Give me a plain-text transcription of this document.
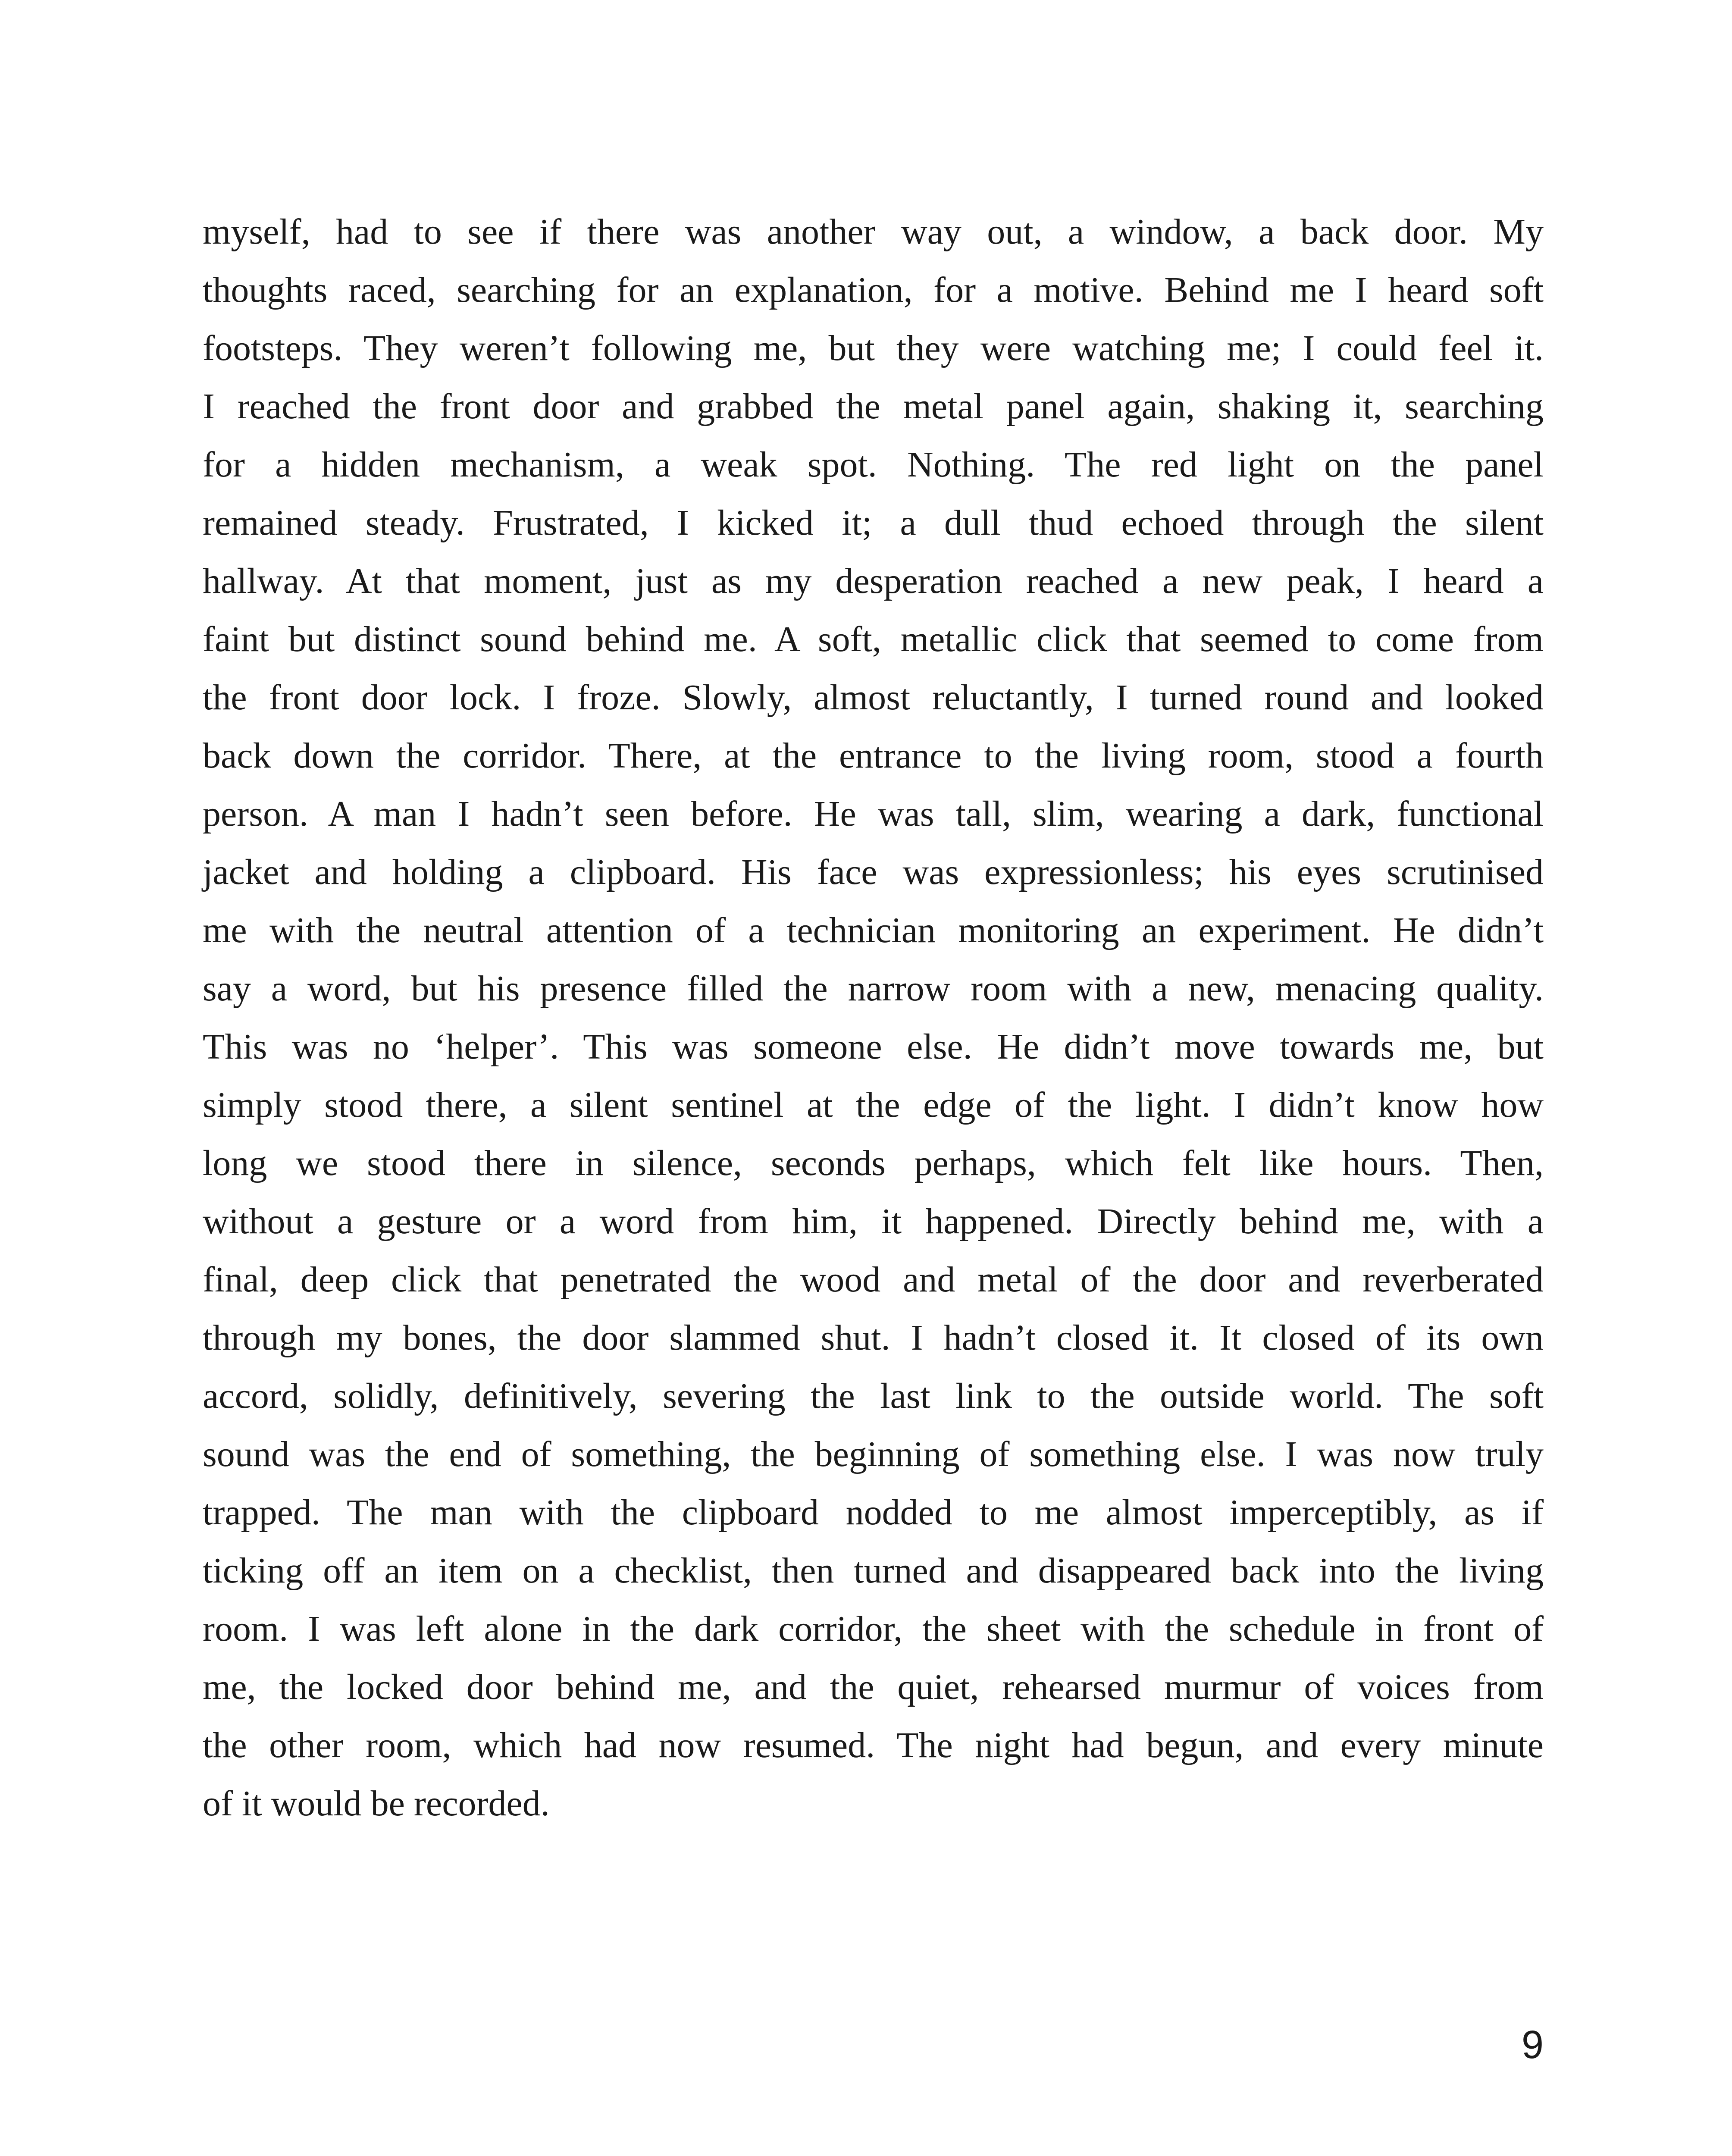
myself, had to see if there was another way out, a window, a back door. My
thoughts raced, searching for an explanation, for a motive. Behind me I heard soft
footsteps. They weren’t following me, but they were watching me; I could feel it.
I reached the front door and grabbed the metal panel again, shaking it, searching
for a hidden mechanism, a weak spot. Nothing. The red light on the panel
remained steady. Frustrated, I kicked it; a dull thud echoed through the silent
hallway. At that moment, just as my desperation reached a new peak, I heard a
faint but distinct sound behind me. A soft, metallic click that seemed to come from
the front door lock. I froze. Slowly, almost reluctantly, I turned round and looked
back down the corridor. There, at the entrance to the living room, stood a fourth
person. A man I hadn’t seen before. He was tall, slim, wearing a dark, functional
jacket and holding a clipboard. His face was expressionless; his eyes scrutinised
me with the neutral attention of a technician monitoring an experiment. He didn’t
say a word, but his presence filled the narrow room with a new, menacing quality.
This was no ‘helper’. This was someone else. He didn’t move towards me, but
simply stood there, a silent sentinel at the edge of the light. I didn’t know how
long we stood there in silence, seconds perhaps, which felt like hours. Then,
without a gesture or a word from him, it happened. Directly behind me, with a
final, deep click that penetrated the wood and metal of the door and reverberated
through my bones, the door slammed shut. I hadn’t closed it. It closed of its own
accord, solidly, definitively, severing the last link to the outside world. The soft
sound was the end of something, the beginning of something else. I was now truly
trapped. The man with the clipboard nodded to me almost imperceptibly, as if
ticking off an item on a checklist, then turned and disappeared back into the living
room. I was left alone in the dark corridor, the sheet with the schedule in front of
me, the locked door behind me, and the quiet, rehearsed murmur of voices from
the other room, which had now resumed. The night had begun, and every minute
of it would be recorded.
9
